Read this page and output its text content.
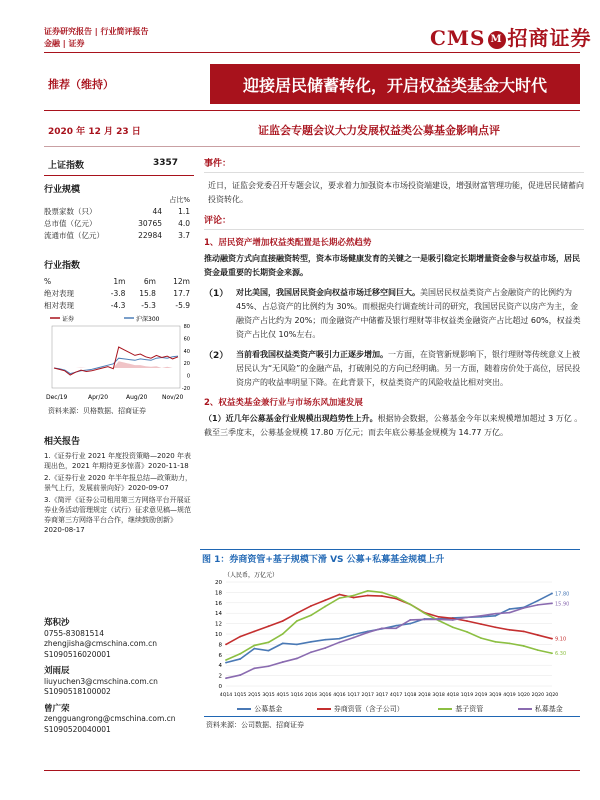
证券研究报告 | 行业简评报告
金融 | 证券	CMS M 招商证券
推荐（维持）	迎接居民储蓄转化，开启权益类基金大时代
2020 年 12 月 23 日	证监会专题会议大力发展权益类公募基金影响点评
上证指数	3357
行业规模
占比%
股票家数（只）	44	1.1
总市值（亿元）	30765	4.0
流通市值（亿元）	22984	3.7
行业指数
%	1m	6m	12m
绝对表现	-3.8	15.8	17.7
相对表现	-4.3	-5.3	-5.9
证券	沪深300
80
60
40
20
0
-20
Dec/19	Apr/20	Aug/20 Nov/20
资料来源：贝格数据、招商证券
相关报告
1.《证券行业 2021 年度投资策略—2020 年表现出色，2021 年期待更多惊喜》2020-11-18
2.《证券行业 2020 年半年报总结—政策助力，景气上行，发展前景向好》2020-09-07
3.《简评《证券公司租用第三方网络平台开展证券业务活动管理规定（试行）征求意见稿—规范券商第三方网络平台合作，继续鼓励创新》2020-08-17
郑积沙
0755-83081514
zhengjisha@cmschina.com.cn
S1090516020001
刘雨辰
liuyuchen3@cmschina.com.cn
S1090518100002
曾广荣
zengguangrong@cmschina.com.cn
S1090520040001
事件：
近日，证监会党委召开专题会议，要求着力加强资本市场投资端建设，增强财富管理功能，促进居民储蓄向投资转化。
评论：
1、居民资产增加权益类配置是长期必然趋势
推动融资方式向直接融资转型，资本市场健康发育的关键之一是吸引稳定长期增量资金参与权益市场，居民资金最重要的长期资金来源。
（1） 对比美国，我国居民资金向权益市场迁移空间巨大。美国居民权益类资产占金融资产的比例约为 45%、占总资产的比例约为 30%。而根据央行调查统计司的研究，我国居民资产以房产为主，金融资产占比约为 20%；而金融资产中储蓄及银行理财等非权益类金融资产占比超过 60%，权益类资产占比仅 10%左右。
（2） 当前看我国权益类资产吸引力正逐步增加。一方面，在资管新规影响下，银行理财等传统意义上被居民认为“无风险”的金融产品，打破刚兑的方向已经明确。另一方面，随着房价处于高位，居民投资房产的收益率明显下降。在此背景下，权益类资产的风险收益比相对突出。
2、权益类基金兼行业与市场东风加速发展
（1）近几年公募基金行业规模出现趋势性上升。根据协会数据，公募基金今年以来规模增加超过 3 万亿 。截至三季度末，公募基金规模 17.80 万亿元；而去年底公募基金规模为 14.77 万亿。
图 1：券商资管+基子规模下滑 VS 公募+私募基金规模上升
（人民币，万亿元）
0
2
4
6
8
10
12
14
16
18
20
4Q14 1Q15 2Q15 3Q15 4Q15 1Q16 2Q16 3Q16 4Q16 1Q17 2Q17 3Q17 4Q17 1Q18 2Q18 3Q18 4Q18 1Q19 2Q19 3Q19 4Q19 1Q20 2Q20 3Q20
17.80
9.10
6.30
15.90
公募基金	券商资管（含子公司）	基子资管	私募基金
资料来源：公司数据、招商证券
